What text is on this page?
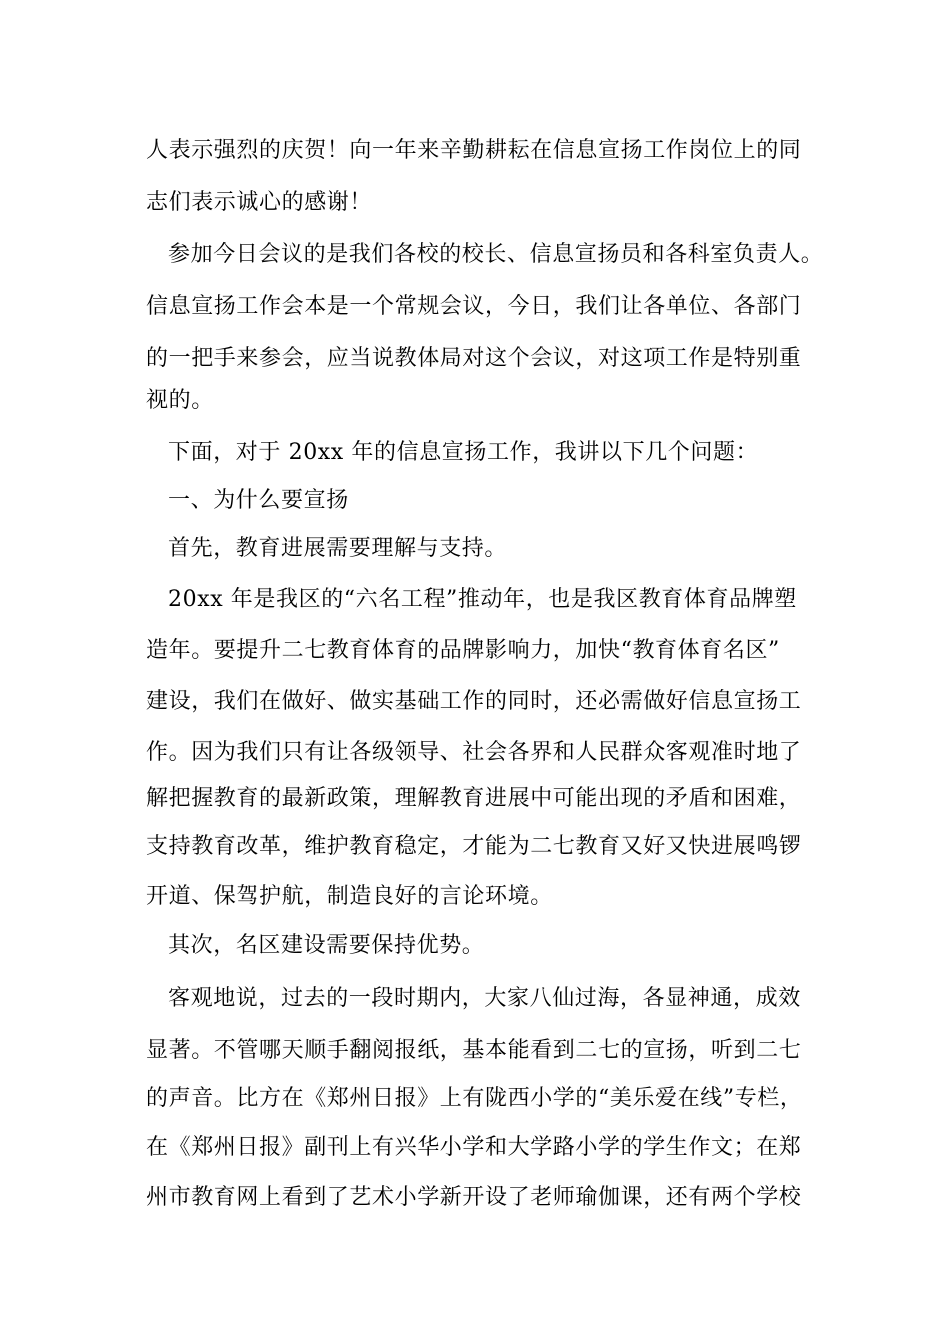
人表示强烈的庆贺！向一年来辛勤耕耘在信息宣扬工作岗位上的同
志们表示诚心的感谢！
参加今日会议的是我们各校的校长、信息宣扬员和各科室负责人。
信息宣扬工作会本是一个常规会议，今日，我们让各单位、各部门
的一把手来参会，应当说教体局对这个会议，对这项工作是特别重
视的。
下面，对于 20xx 年的信息宣扬工作，我讲以下几个问题：
一、为什么要宣扬
首先，教育进展需要理解与支持。
20xx 年是我区的“六名工程”推动年，也是我区教育体育品牌塑
造年。要提升二七教育体育的品牌影响力，加快“教育体育名区”
建设，我们在做好、做实基础工作的同时，还必需做好信息宣扬工
作。因为我们只有让各级领导、社会各界和人民群众客观准时地了
解把握教育的最新政策，理解教育进展中可能出现的矛盾和困难，
支持教育改革，维护教育稳定，才能为二七教育又好又快进展鸣锣
开道、保驾护航，制造良好的言论环境。
其次，名区建设需要保持优势。
客观地说，过去的一段时期内，大家八仙过海，各显神通，成效
显著。不管哪天顺手翻阅报纸，基本能看到二七的宣扬，听到二七
的声音。比方在《郑州日报》上有陇西小学的“美乐爱在线”专栏，
在《郑州日报》副刊上有兴华小学和大学路小学的学生作文；在郑
州市教育网上看到了艺术小学新开设了老师瑜伽课，还有两个学校
